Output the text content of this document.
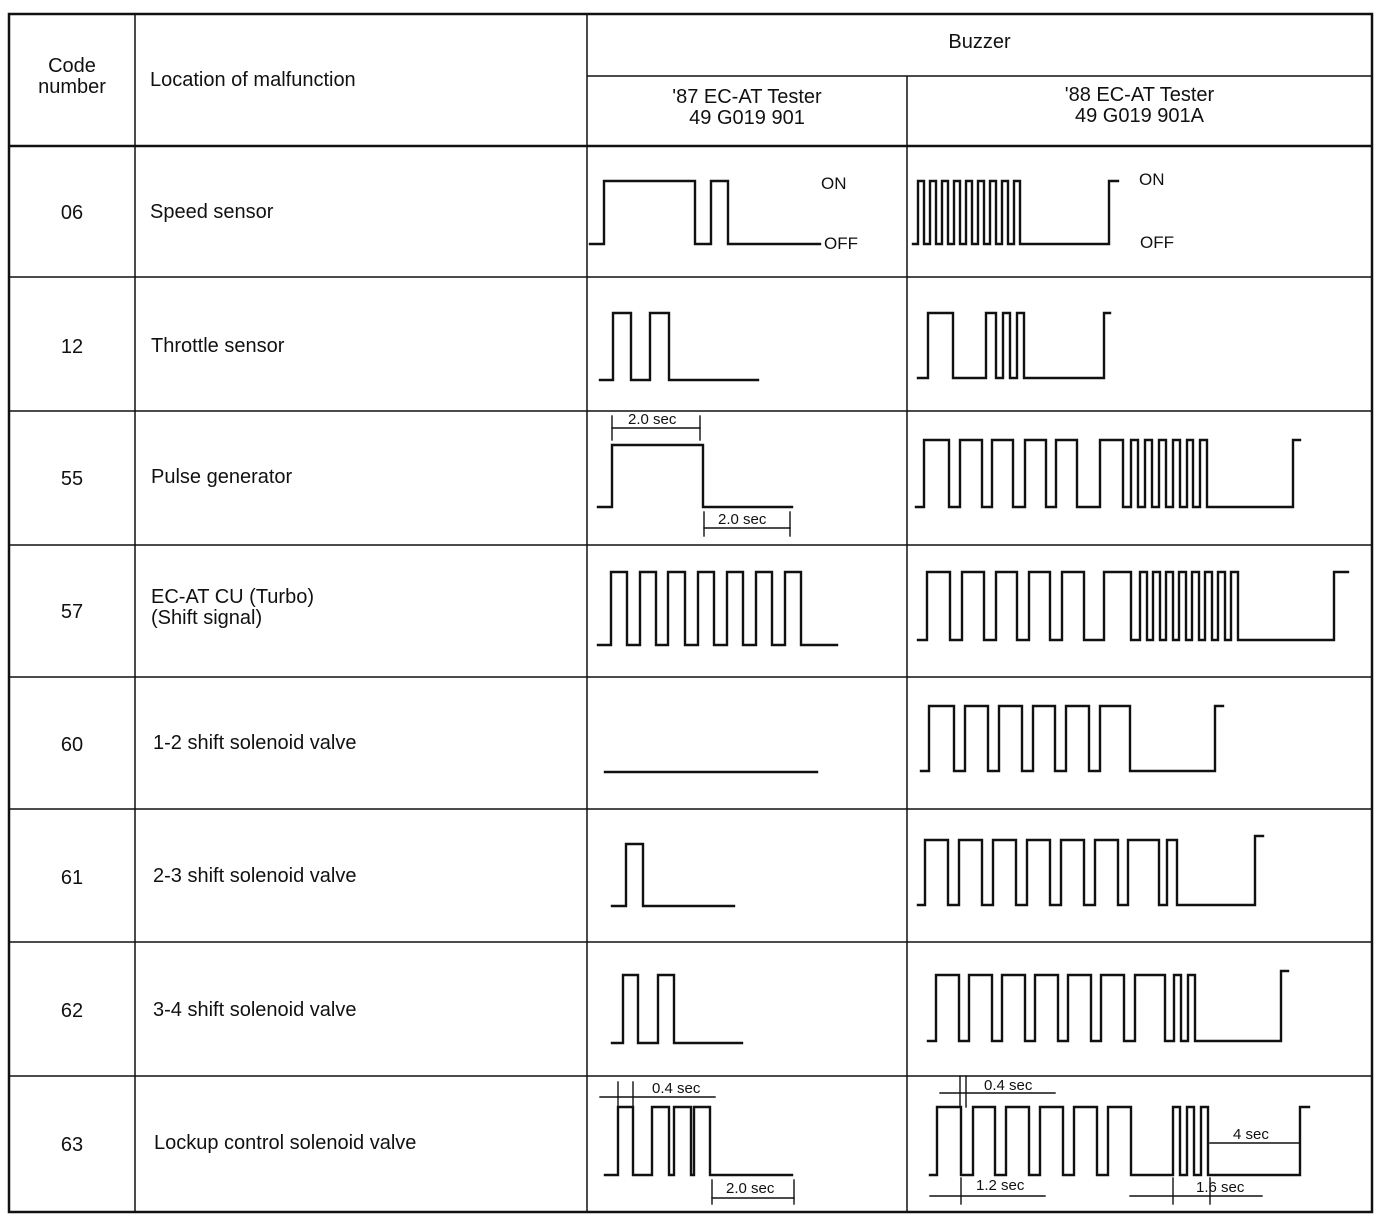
Code
number	Location of malfunction
Buzzer
'87 EC-AT Tester
49 G019 901
'88 EC-AT Tester
49 G019 901A
06
12
55
57
60
61
62
63
Speed sensor
Throttle sensor
Pulse generator
EC-AT CU (Turbo)
(Shift signal)
1-2 shift solenoid valve
2-3 shift solenoid valve
3-4 shift solenoid valve
Lockup control solenoid valve
ON
OFF
2.0 sec
2.0 sec
0.4 sec
2.0 sec
ON
OFF
0.4 sec
1.2 sec	1.6 sec
4 sec
